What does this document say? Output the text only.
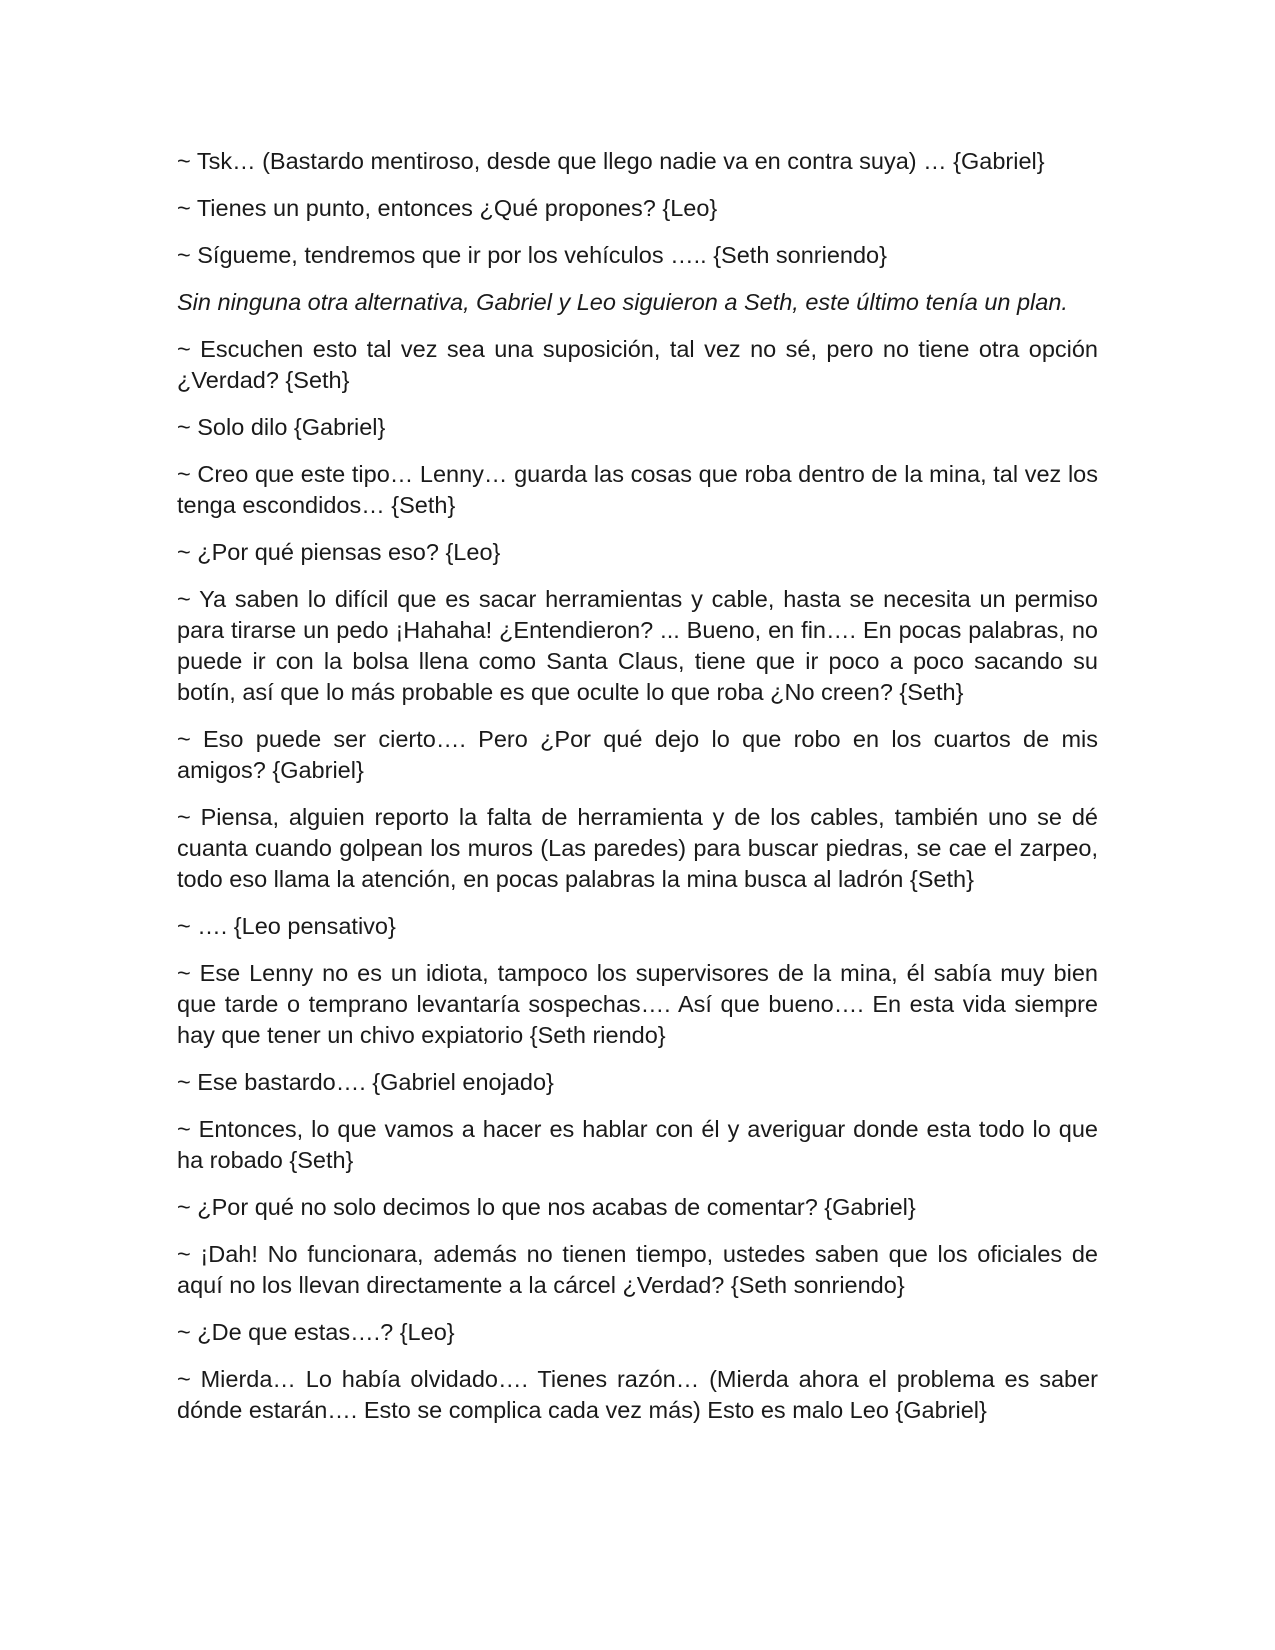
~ Tsk… (Bastardo mentiroso, desde que llego nadie va en contra suya) … {Gabriel}

~ Tienes un punto, entonces ¿Qué propones? {Leo}

~ Sígueme, tendremos que ir por los vehículos ….. {Seth sonriendo}

Sin ninguna otra alternativa, Gabriel y Leo siguieron a Seth, este último tenía un plan.

~ Escuchen esto tal vez sea una suposición, tal vez no sé, pero no tiene otra opción ¿Verdad? {Seth}

~ Solo dilo {Gabriel}

~ Creo que este tipo… Lenny… guarda las cosas que roba dentro de la mina, tal vez los tenga escondidos… {Seth}

~ ¿Por qué piensas eso? {Leo}

~ Ya saben lo difícil que es sacar herramientas y cable, hasta se necesita un permiso para tirarse un pedo ¡Hahaha! ¿Entendieron? ... Bueno, en fin…. En pocas palabras, no puede ir con la bolsa llena como Santa Claus, tiene que ir poco a poco sacando su botín, así que lo más probable es que oculte lo que roba ¿No creen? {Seth}

~ Eso puede ser cierto…. Pero ¿Por qué dejo lo que robo en los cuartos de mis amigos? {Gabriel}

~ Piensa, alguien reporto la falta de herramienta y de los cables, también uno se dé cuanta cuando golpean los muros (Las paredes) para buscar piedras, se cae el zarpeo, todo eso llama la atención, en pocas palabras la mina busca al ladrón {Seth}

~ …. {Leo pensativo}

~ Ese Lenny no es un idiota, tampoco los supervisores de la mina, él sabía muy bien que tarde o temprano levantaría sospechas…. Así que bueno…. En esta vida siempre hay que tener un chivo expiatorio {Seth riendo}

~ Ese bastardo…. {Gabriel enojado}

~ Entonces, lo que vamos a hacer es hablar con él y averiguar donde esta todo lo que ha robado {Seth}

~ ¿Por qué no solo decimos lo que nos acabas de comentar? {Gabriel}

~ ¡Dah! No funcionara, además no tienen tiempo, ustedes saben que los oficiales de aquí no los llevan directamente a la cárcel ¿Verdad? {Seth sonriendo}

~ ¿De que estas….? {Leo}

~ Mierda… Lo había olvidado…. Tienes razón… (Mierda ahora el problema es saber dónde estarán…. Esto se complica cada vez más) Esto es malo Leo {Gabriel}
